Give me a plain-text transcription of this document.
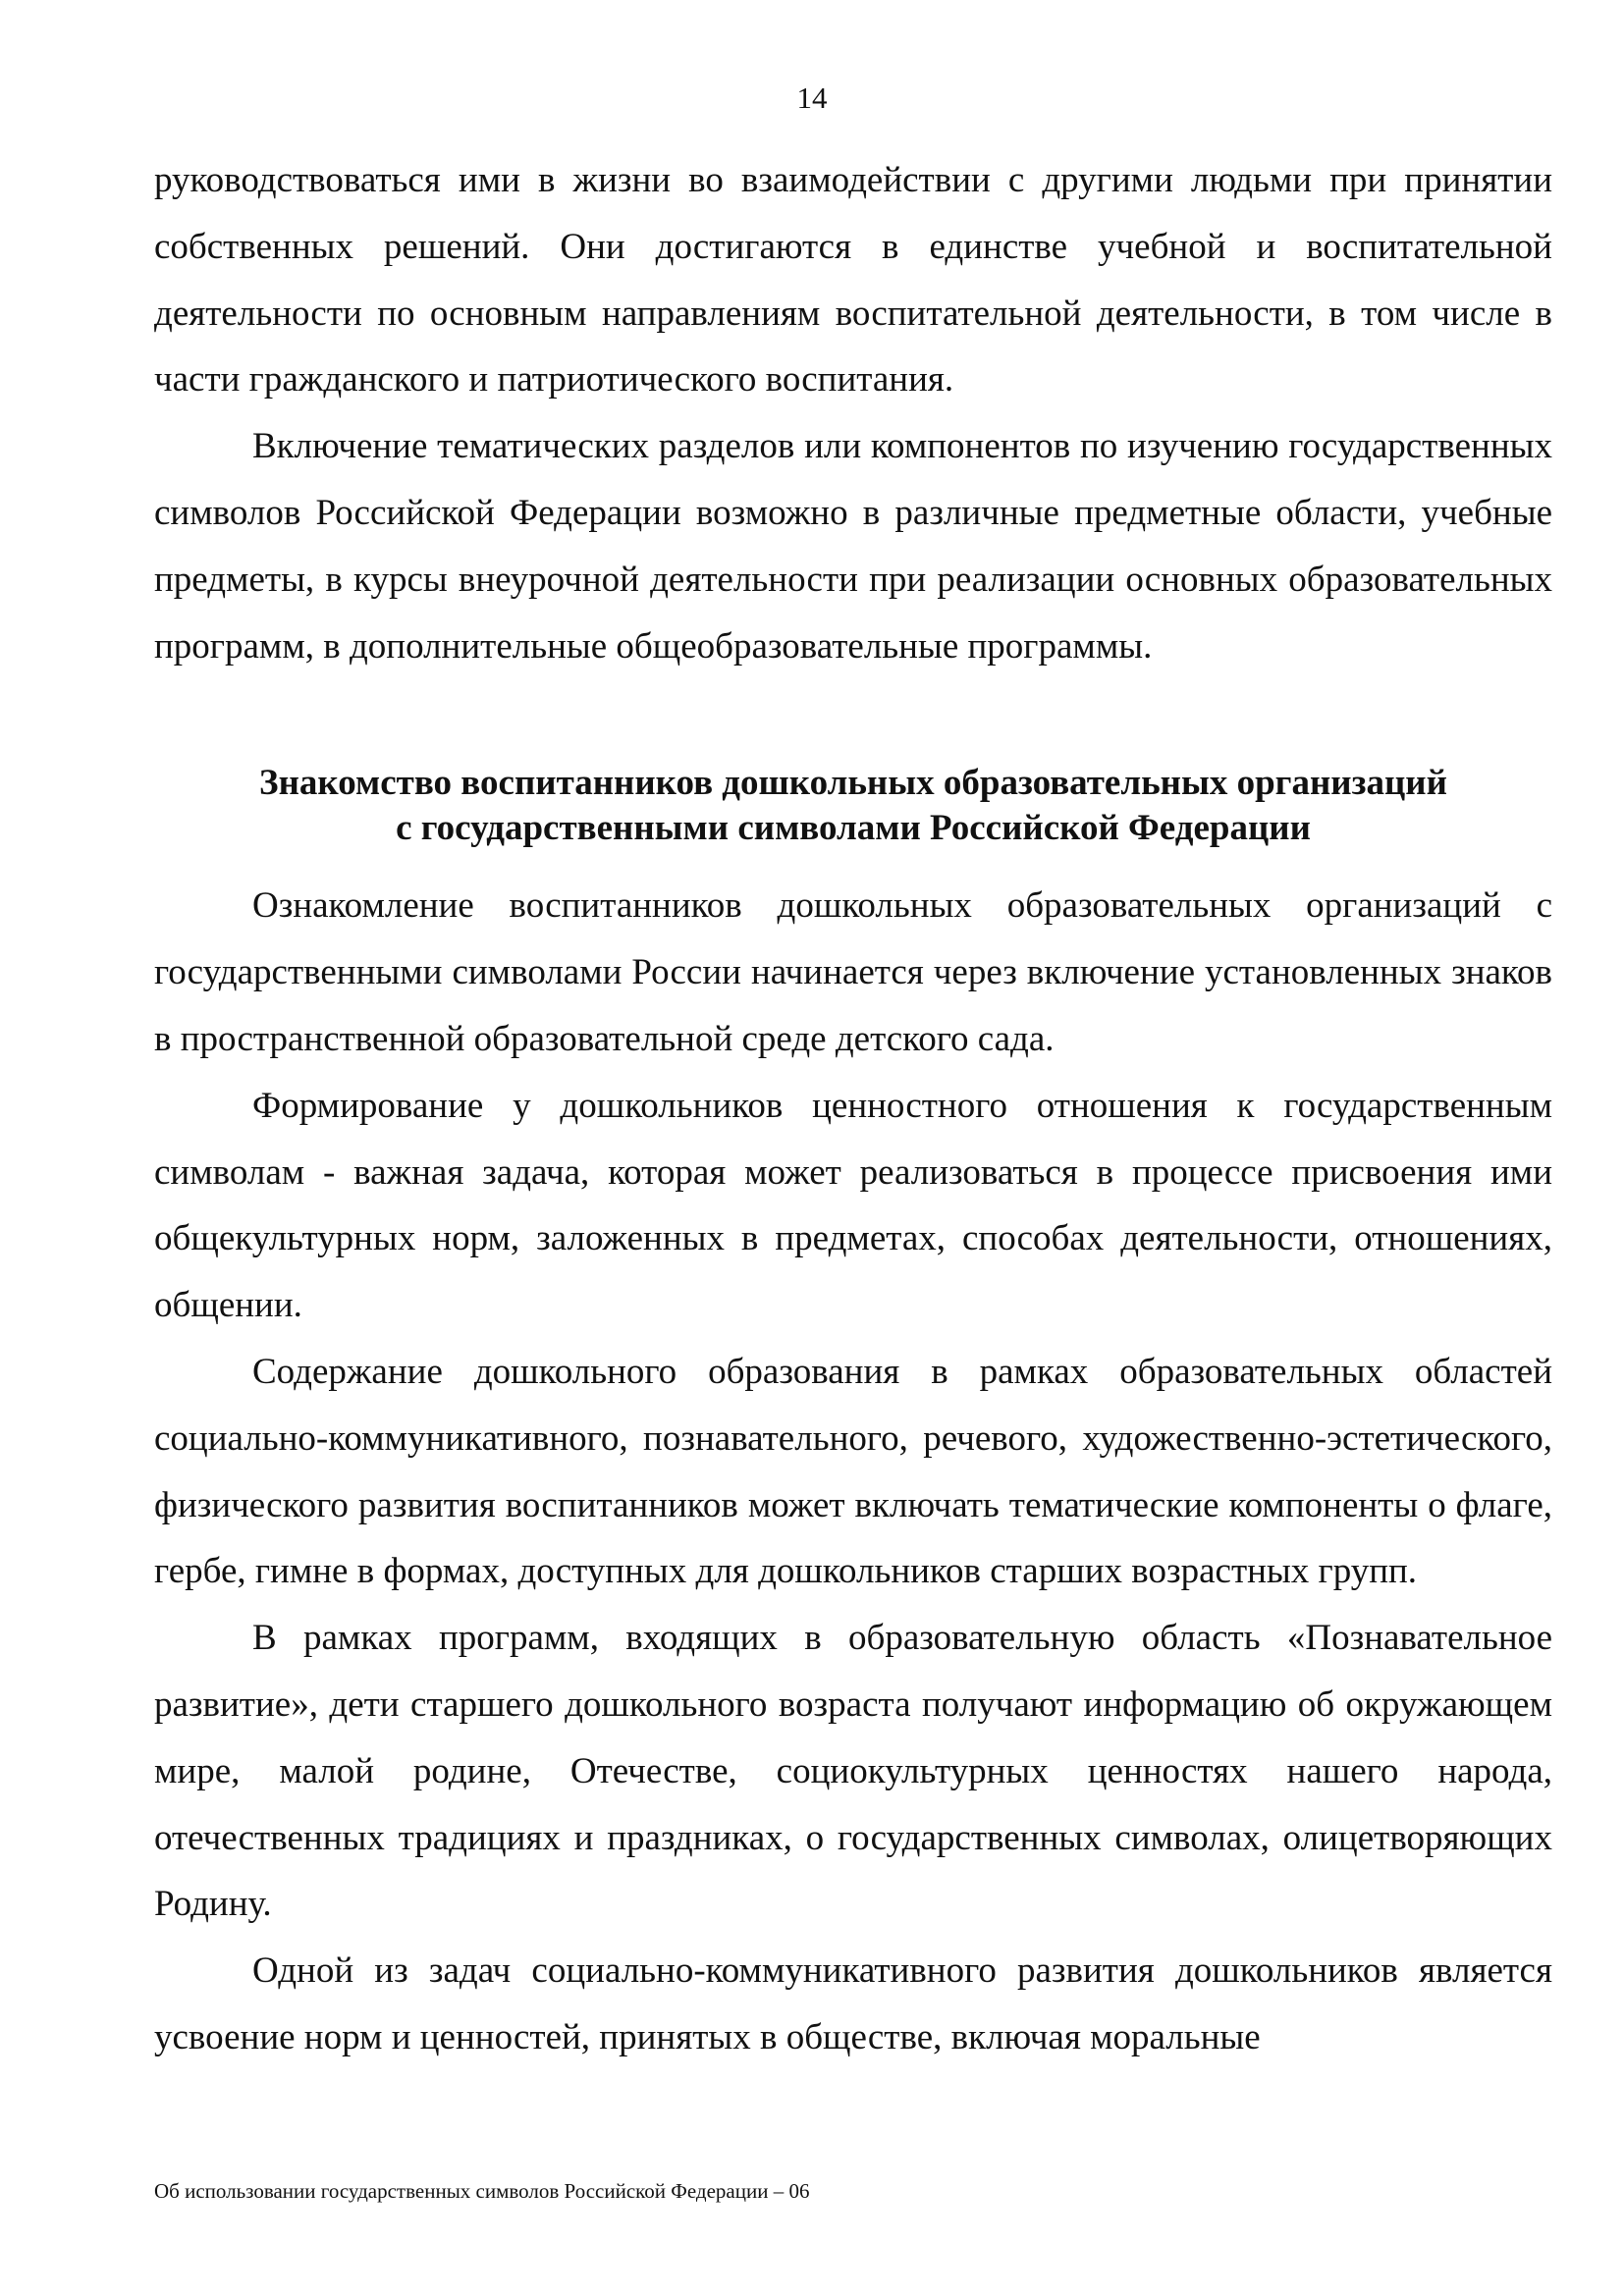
14

руководствоваться ими в жизни во взаимодействии с другими людьми при принятии собственных решений. Они достигаются в единстве учебной и воспитательной деятельности по основным направлениям воспитательной деятельности, в том числе в части гражданского и патриотического воспитания.

Включение тематических разделов или компонентов по изучению государственных символов Российской Федерации возможно в различные предметные области, учебные предметы, в курсы внеурочной деятельности при реализации основных образовательных программ, в дополнительные общеобразовательные программы.

Знакомство воспитанников дошкольных образовательных организаций
с государственными символами Российской Федерации

Ознакомление воспитанников дошкольных образовательных организаций с государственными символами России начинается через включение установленных знаков в пространственной образовательной среде детского сада.

Формирование у дошкольников ценностного отношения к государственным символам - важная задача, которая может реализоваться в процессе присвоения ими общекультурных норм, заложенных в предметах, способах деятельности, отношениях, общении.

Содержание дошкольного образования в рамках образовательных областей социально-коммуникативного, познавательного, речевого, художественно-эстетического, физического развития воспитанников может включать тематические компоненты о флаге, гербе, гимне в формах, доступных для дошкольников старших возрастных групп.

В рамках программ, входящих в образовательную область «Познавательное развитие», дети старшего дошкольного возраста получают информацию об окружающем мире, малой родине, Отечестве, социокультурных ценностях нашего народа, отечественных традициях и праздниках, о государственных символах, олицетворяющих Родину.

Одной из задач социально-коммуникативного развития дошкольников является усвоение норм и ценностей, принятых в обществе, включая моральные

Об использовании государственных символов Российской Федерации – 06
